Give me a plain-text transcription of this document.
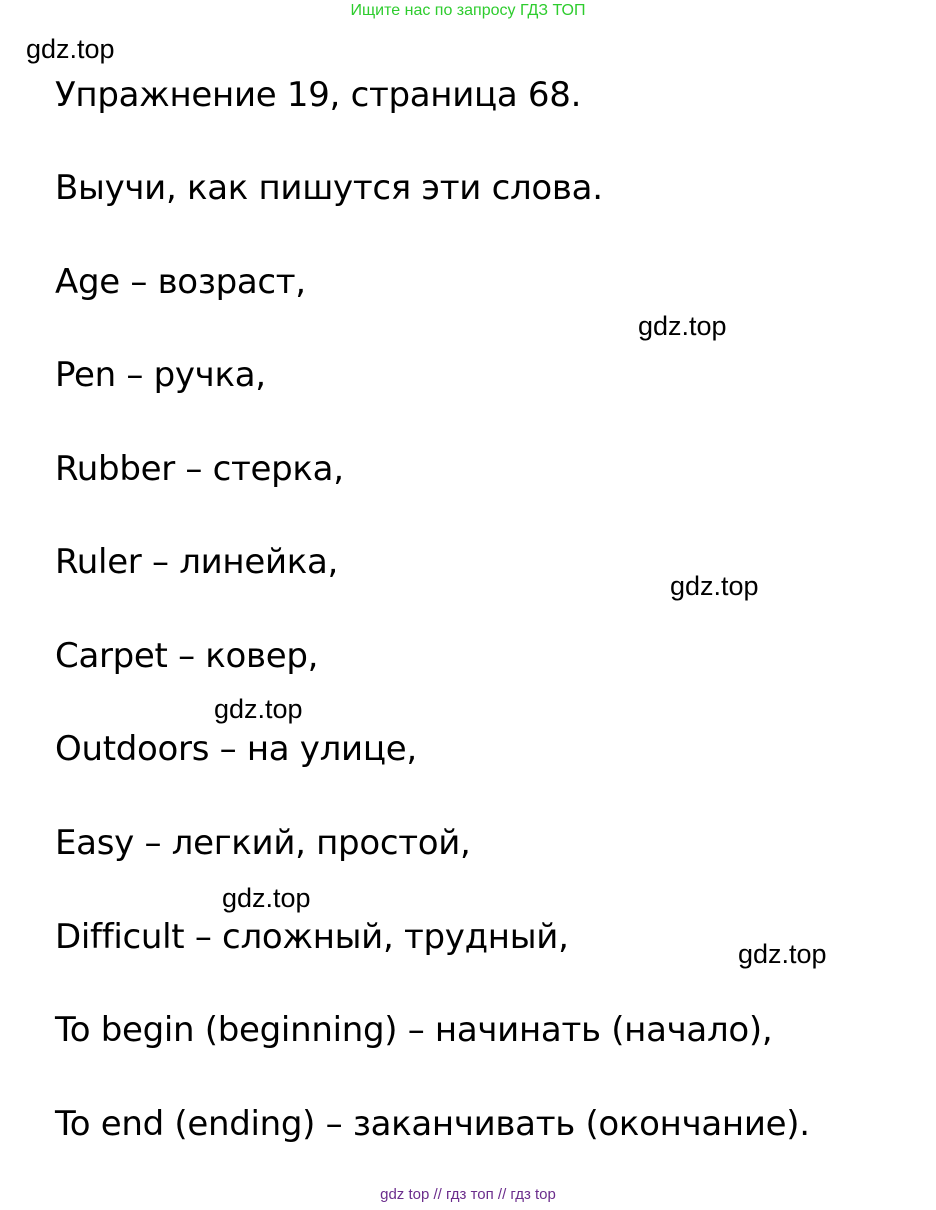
Ищите нас по запросу ГДЗ ТОП
gdz.top
gdz.top
gdz.top
gdz.top
gdz.top
gdz.top
Упражнение 19, страница 68.
Выучи, как пишутся эти слова.
Age – возраст,
Pen – ручка,
Rubber – стерка,
Ruler – линейка,
Carpet – ковер,
Outdoors – на улице,
Easy – легкий, простой,
Difficult – сложный, трудный,
To begin (beginning) – начинать (начало),
To end (ending) – заканчивать (окончание).
gdz top // гдз топ // гдз top
